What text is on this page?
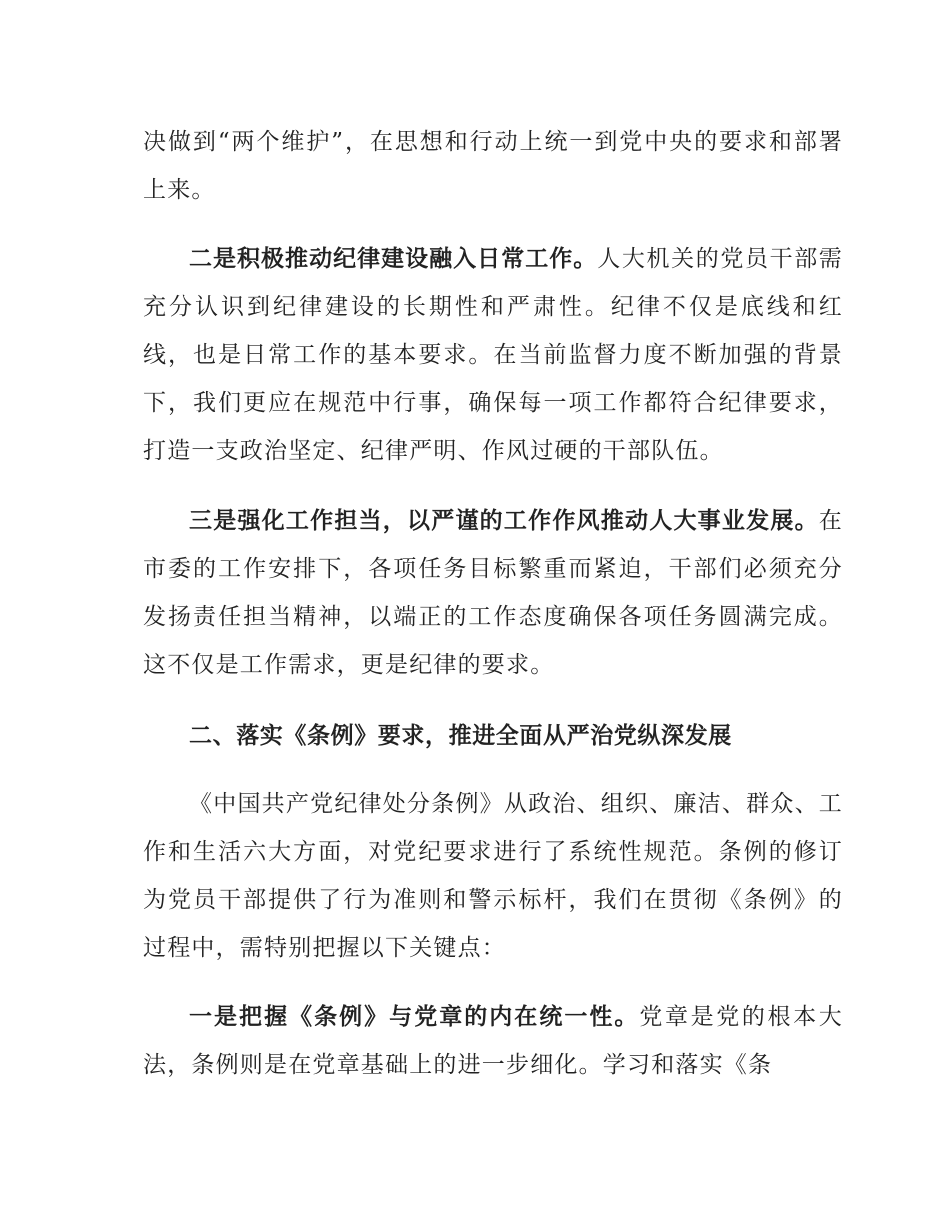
决做到“两个维护”，在思想和行动上统一到党中央的要求和部署上来。

二是积极推动纪律建设融入日常工作。人大机关的党员干部需充分认识到纪律建设的长期性和严肃性。纪律不仅是底线和红线，也是日常工作的基本要求。在当前监督力度不断加强的背景下，我们更应在规范中行事，确保每一项工作都符合纪律要求，打造一支政治坚定、纪律严明、作风过硬的干部队伍。

三是强化工作担当，以严谨的工作作风推动人大事业发展。在市委的工作安排下，各项任务目标繁重而紧迫，干部们必须充分发扬责任担当精神，以端正的工作态度确保各项任务圆满完成。这不仅是工作需求，更是纪律的要求。

二、落实《条例》要求，推进全面从严治党纵深发展

《中国共产党纪律处分条例》从政治、组织、廉洁、群众、工作和生活六大方面，对党纪要求进行了系统性规范。条例的修订为党员干部提供了行为准则和警示标杆，我们在贯彻《条例》的过程中，需特别把握以下关键点：

一是把握《条例》与党章的内在统一性。党章是党的根本大法，条例则是在党章基础上的进一步细化。学习和落实《条
